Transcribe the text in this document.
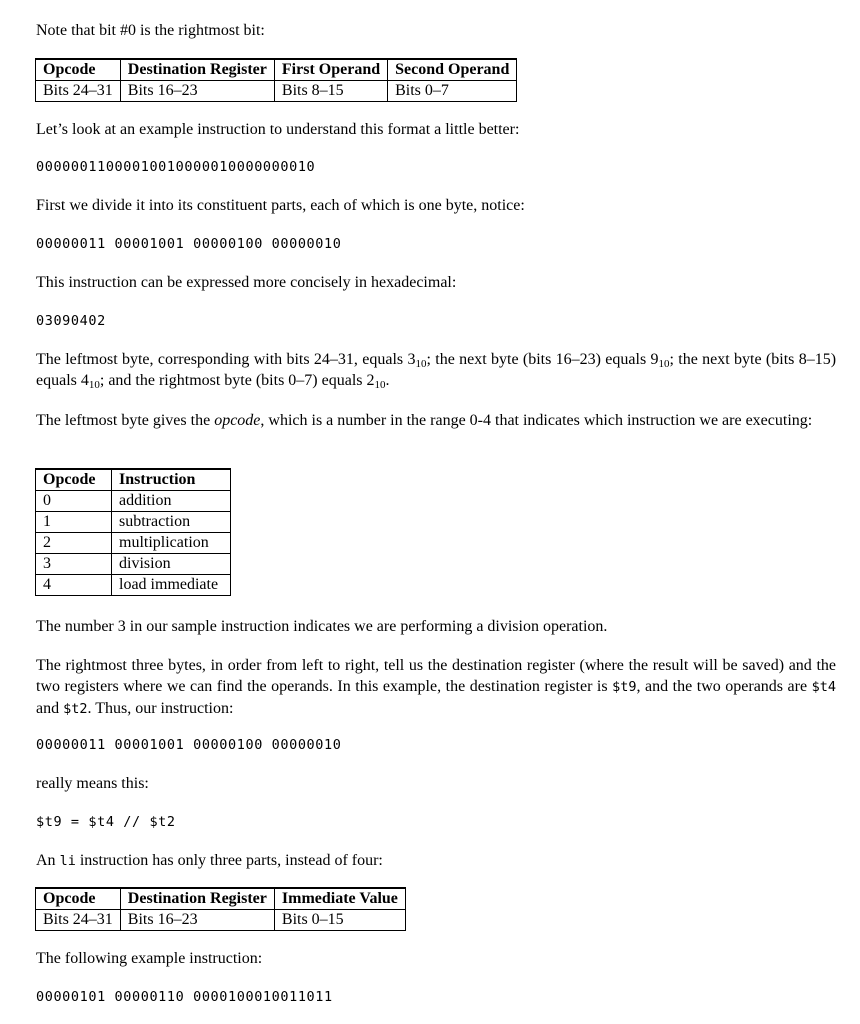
Note that bit #0 is the rightmost bit:
Opcode	Destination Register	First Operand	Second Operand
Bits 24–31	Bits 16–23	Bits 8–15	Bits 0–7
Let’s look at an example instruction to understand this format a little better:
00000011000010010000010000000010
First we divide it into its constituent parts, each of which is one byte, notice:
00000011 00001001 00000100 00000010
This instruction can be expressed more concisely in hexadecimal:
03090402
The leftmost byte, corresponding with bits 24–31, equals $3_{10}$; the next byte (bits 16–23) equals $9_{10}$; the next byte (bits 8–15) equals $4_{10}$; and the rightmost byte (bits 0–7) equals $2_{10}$.
The leftmost byte gives the opcode, which is a number in the range 0-4 that indicates which instruction we are executing:
Opcode	Instruction
0	addition
1	subtraction
2	multiplication
3	division
4	load immediate
The number 3 in our sample instruction indicates we are performing a division operation.
The rightmost three bytes, in order from left to right, tell us the destination register (where the result will be saved) and the two registers where we can find the operands. In this example, the destination register is $t9, and the two operands are $t4 and $t2. Thus, our instruction:
00000011 00001001 00000100 00000010
really means this:
$t9 = $t4 // $t2
An li instruction has only three parts, instead of four:
Opcode	Destination Register	Immediate Value
Bits 24–31	Bits 16–23	Bits 0–15
The following example instruction:
00000101 00000110 0000100010011011
